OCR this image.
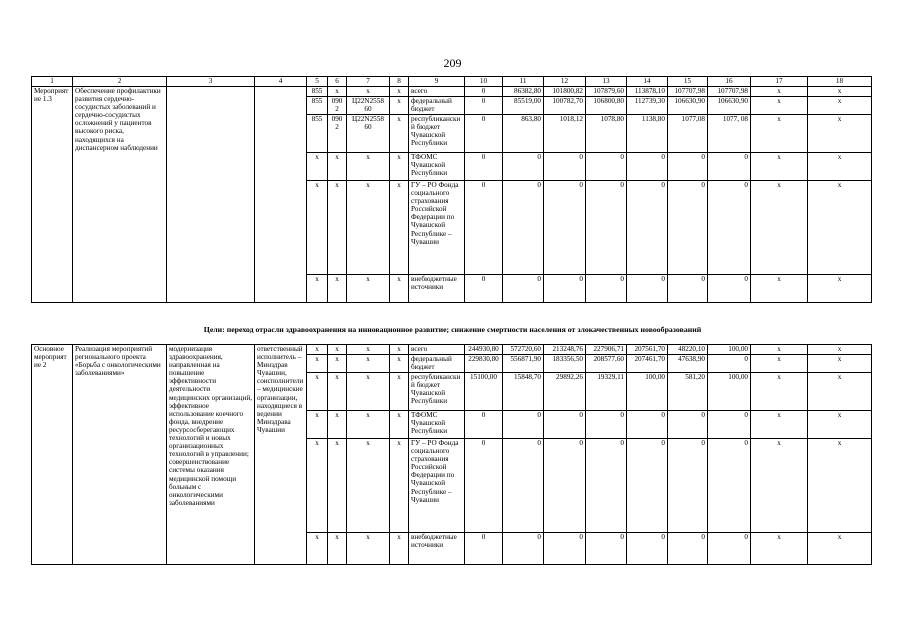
209
1	2	3	4	5	6	7	8	9	10	11	12	13	14	15	16	17	18
Мероприятие 1.3	Обеспечение профилактики развития сердечно-сосудистых заболеваний и сердечно-сосудистых осложнений у пациентов высокого риска, находящихся на диспансерном наблюдении			855	x	x	x	всего	0	86382,80	101800,82	107879,60	113878,10	107707,98	107707,98	x	x
				855	0902	Ц22N2558 60	x	федеральный бюджет	0	85519,00	100782,70	106800,80	112739,30	106630,90	106630,90	x	x
				855	0902	Ц22N2558 60	x	республиканский бюджет Чувашской Республики	0	863,80	1018,12	1078,80	1138,80	1077,08	1077, 08	x	x
				x	x	x	x	ТФОМС Чувашской Республики	0	0	0	0	0	0	0	x	x
				x	x	x	x	ГУ – РО Фонда социального страхования Российской Федерации по Чувашской Республике – Чувашии	0	0	0	0	0	0	0	x	x
				x	x	x	x	внебюджетные источники	0	0	0	0	0	0	0	x	x
Цели: переход отрасли здравоохранения на инновационное развитие; снижение смертности населения от злокачественных новообразований
Основное мероприятие 2	Реализация мероприятий регионального проекта «Борьба с онкологическими заболеваниями»	модернизация здравоохранения, направленная на повышение эффективности деятельности медицинских организаций, эффективное использование коечного фонда, внедрение ресурсосберегающих технологий и новых организационных технологий в управлении; совершенствование системы оказания медицинской помощи больным с онкологическими заболеваниями	ответственный исполнитель – Минздрав Чувашии, соисполнители – медицинские организации, находящиеся в ведении Минздрава Чувашии	x	x	x	x	всего	244930,80	572720,60	213248,76	227906,71	207561,70	48220,10	100,00	x	x
				x	x	x	x	федеральный бюджет	229830,80	556871,90	183356,50	208577,60	207461,70	47638,90	0	x	x
				x	x	x	x	республиканский бюджет Чувашской Республики	15100,00	15848,70	29892,26	19329,11	100,00	581,20	100,00	x	x
				x	x	x	x	ТФОМС Чувашской Республики	0	0	0	0	0	0	0	x	x
				x	x	x	x	ГУ – РО Фонда социального страхования Российской Федерации по Чувашской Республике – Чувашии	0	0	0	0	0	0	0	x	x
				x	x	x	x	внебюджетные источники	0	0	0	0	0	0	0	x	x
